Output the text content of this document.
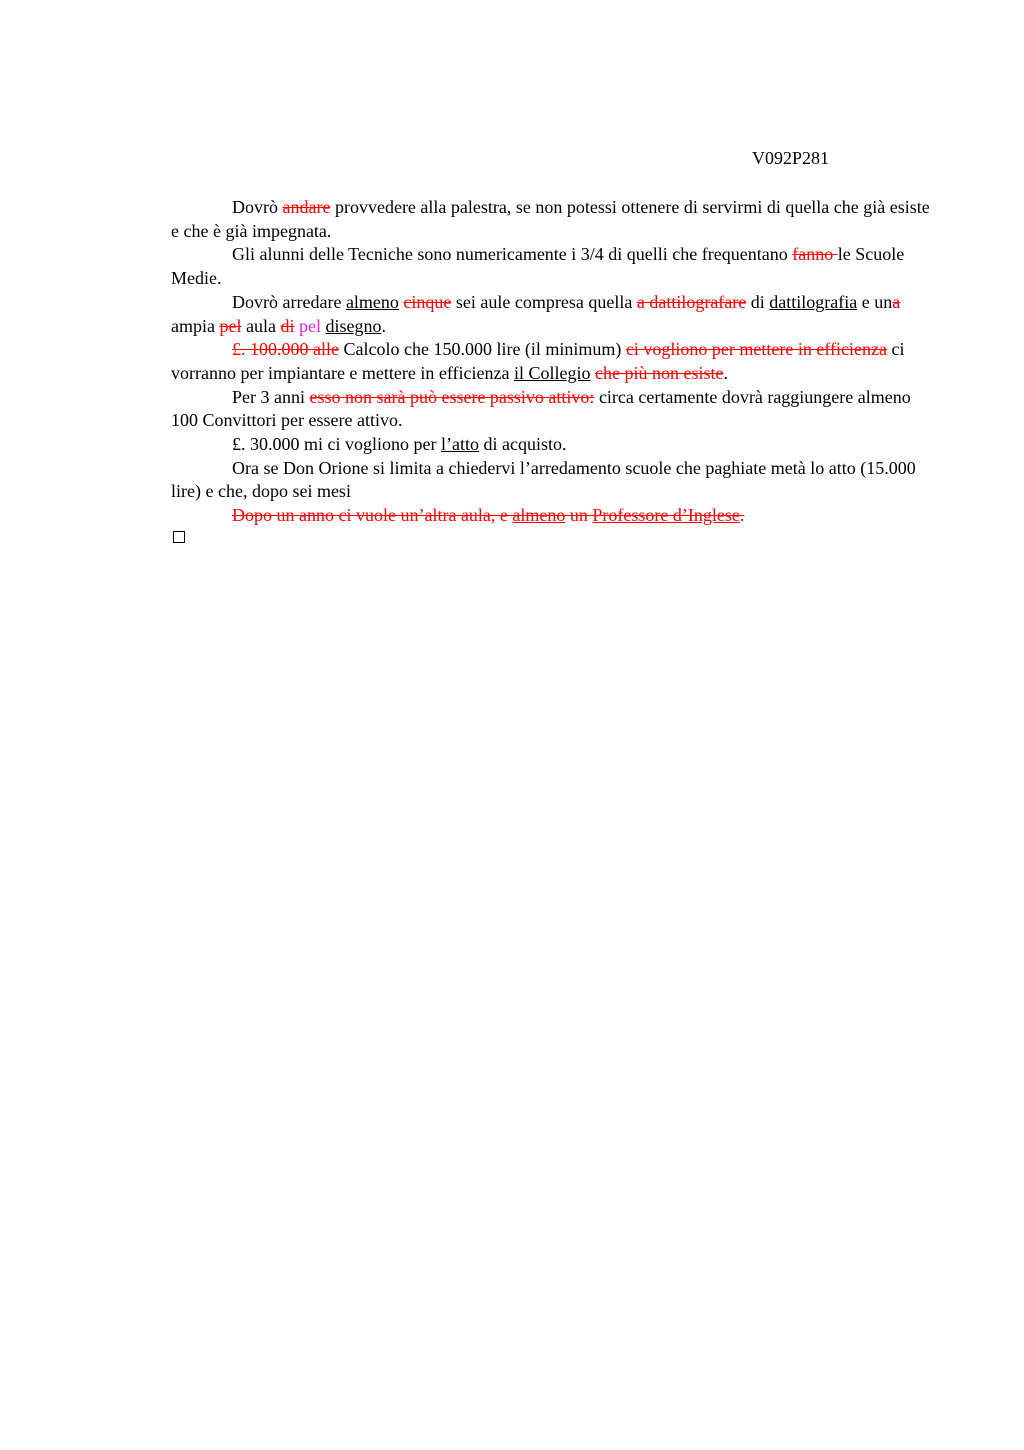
V092P281

Dovrò andare provvedere alla palestra, se non potessi ottenere di servirmi di quella che già esiste e che è già impegnata.

Gli alunni delle Tecniche sono numericamente i 3/4 di quelli che frequentano fanno le Scuole Medie.

Dovrò arredare almeno cinque sei aule compresa quella a dattilografare di dattilografia e una ampia pel aula di pel disegno.

£. 100.000 alle Calcolo che 150.000 lire (il minimum) ci vogliono per mettere in efficienza ci vorranno per impiantare e mettere in efficienza il Collegio che più non esiste.

Per 3 anni esso non sarà può essere passivo attivo: circa certamente dovrà raggiungere almeno 100 Convittori per essere attivo.

£. 30.000 mi ci vogliono per l’atto di acquisto.

Ora se Don Orione si limita a chiedervi l’arredamento scuole che paghiate metà lo atto (15.000 lire) e che, dopo sei mesi

Dopo un anno ci vuole un’altra aula, e almeno un Professore d’Inglese.
